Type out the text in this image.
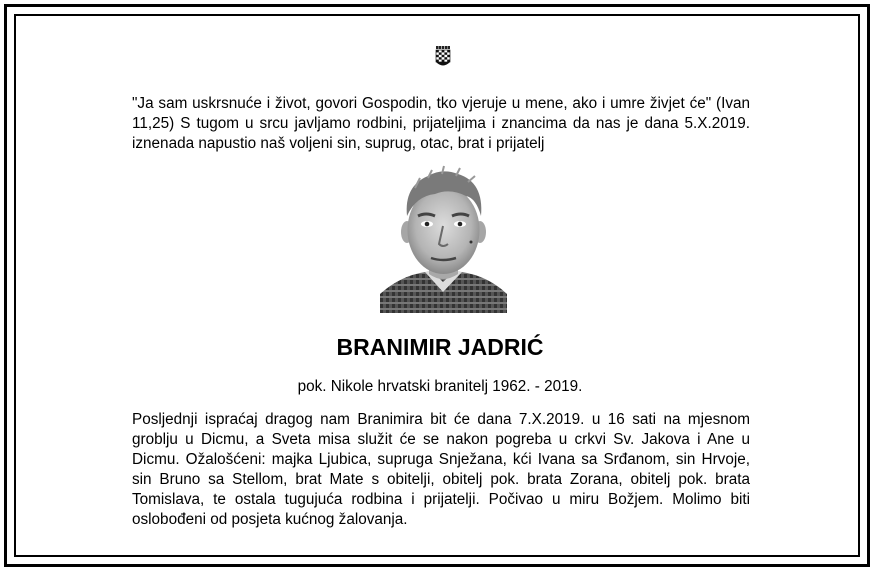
"Ja sam uskrsnuće i život, govori Gospodin, tko vjeruje u mene, ako i umre živjet će" (Ivan 11,25) S tugom u srcu javljamo rodbini, prijateljima i znancima da nas je dana 5.X.2019. iznenada napustio naš voljeni sin, suprug, otac, brat i prijatelj

BRANIMIR JADRIĆ

pok. Nikole hrvatski branitelj 1962. - 2019.

Posljednji ispraćaj dragog nam Branimira bit će dana 7.X.2019. u 16 sati na mjesnom groblju u Dicmu, a Sveta misa služit će se nakon pogreba u crkvi Sv. Jakova i Ane u Dicmu. Ožalošćeni: majka Ljubica, supruga Snježana, kći Ivana sa Srđanom, sin Hrvoje, sin Bruno sa Stellom, brat Mate s obitelji, obitelj pok. brata Zorana, obitelj pok. brata Tomislava, te ostala tugujuća rodbina i prijatelji. Počivao u miru Božjem. Molimo biti oslobođeni od posjeta kućnog žalovanja.
